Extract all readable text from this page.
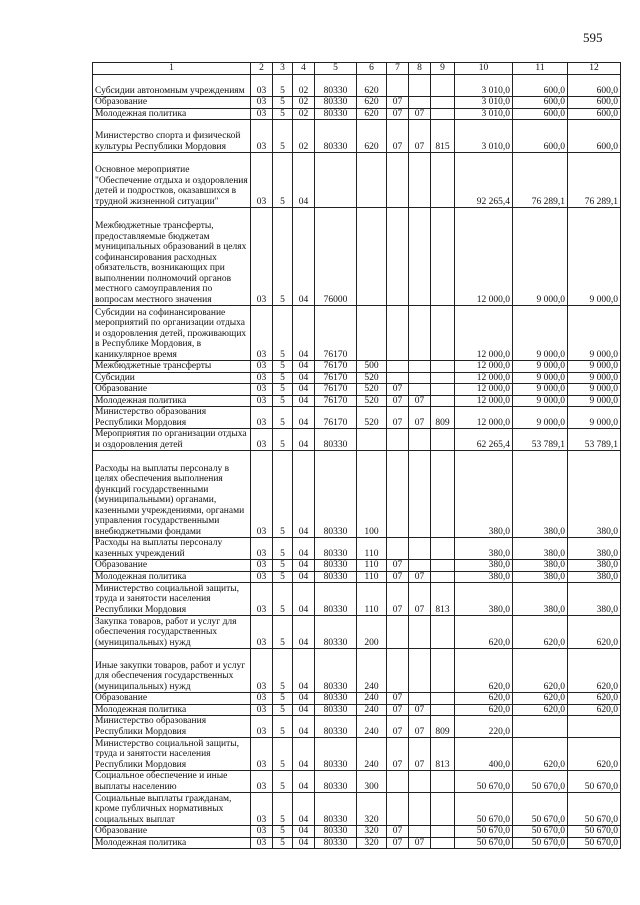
595
1	2	3	4	5	6	7	8	9	10	11	12
Субсидии автономным учреждениям	03	5	02	80330	620				3 010,0	600,0	600,0
Образование	03	5	02	80330	620	07			3 010,0	600,0	600,0
Молодежная политика	03	5	02	80330	620	07	07		3 010,0	600,0	600,0
Министерство спорта и физической культуры Республики Мордовия	03	5	02	80330	620	07	07	815	3 010,0	600,0	600,0
Основное мероприятие "Обеспечение отдыха и оздоровления детей и подростков, оказавшихся в трудной жизненной ситуации"	03	5	04						92 265,4	76 289,1	76 289,1
Межбюджетные трансферты, предоставляемые бюджетам муниципальных образований в целях софинансирования расходных обязательств, возникающих при выполнении полномочий органов местного самоуправления по вопросам местного значения	03	5	04	76000					12 000,0	9 000,0	9 000,0
Субсидии на софинансирование мероприятий по организации отдыха и оздоровления детей, проживающих в Республике Мордовия, в каникулярное время	03	5	04	76170					12 000,0	9 000,0	9 000,0
Межбюджетные трансферты	03	5	04	76170	500				12 000,0	9 000,0	9 000,0
Субсидии	03	5	04	76170	520				12 000,0	9 000,0	9 000,0
Образование	03	5	04	76170	520	07			12 000,0	9 000,0	9 000,0
Молодежная политика	03	5	04	76170	520	07	07		12 000,0	9 000,0	9 000,0
Министерство образования Республики Мордовия	03	5	04	76170	520	07	07	809	12 000,0	9 000,0	9 000,0
Мероприятия по организации отдыха и оздоровления детей	03	5	04	80330					62 265,4	53 789,1	53 789,1
Расходы на выплаты персоналу в целях обеспечения выполнения функций государственными (муниципальными) органами, казенными учреждениями, органами управления государственными внебюджетными фондами	03	5	04	80330	100				380,0	380,0	380,0
Расходы на выплаты персоналу казенных учреждений	03	5	04	80330	110				380,0	380,0	380,0
Образование	03	5	04	80330	110	07			380,0	380,0	380,0
Молодежная политика	03	5	04	80330	110	07	07		380,0	380,0	380,0
Министерство социальной защиты, труда и занятости населения Республики Мордовия	03	5	04	80330	110	07	07	813	380,0	380,0	380,0
Закупка товаров, работ и услуг для обеспечения государственных (муниципальных) нужд	03	5	04	80330	200				620,0	620,0	620,0
Иные закупки товаров, работ и услуг для обеспечения государственных (муниципальных) нужд	03	5	04	80330	240				620,0	620,0	620,0
Образование	03	5	04	80330	240	07			620,0	620,0	620,0
Молодежная политика	03	5	04	80330	240	07	07		620,0	620,0	620,0
Министерство образования Республики Мордовия	03	5	04	80330	240	07	07	809	220,0		
Министерство социальной защиты, труда и занятости населения Республики Мордовия	03	5	04	80330	240	07	07	813	400,0	620,0	620,0
Социальное обеспечение и иные выплаты населению	03	5	04	80330	300				50 670,0	50 670,0	50 670,0
Социальные выплаты гражданам, кроме публичных нормативных социальных выплат	03	5	04	80330	320				50 670,0	50 670,0	50 670,0
Образование	03	5	04	80330	320	07			50 670,0	50 670,0	50 670,0
Молодежная политика	03	5	04	80330	320	07	07		50 670,0	50 670,0	50 670,0
